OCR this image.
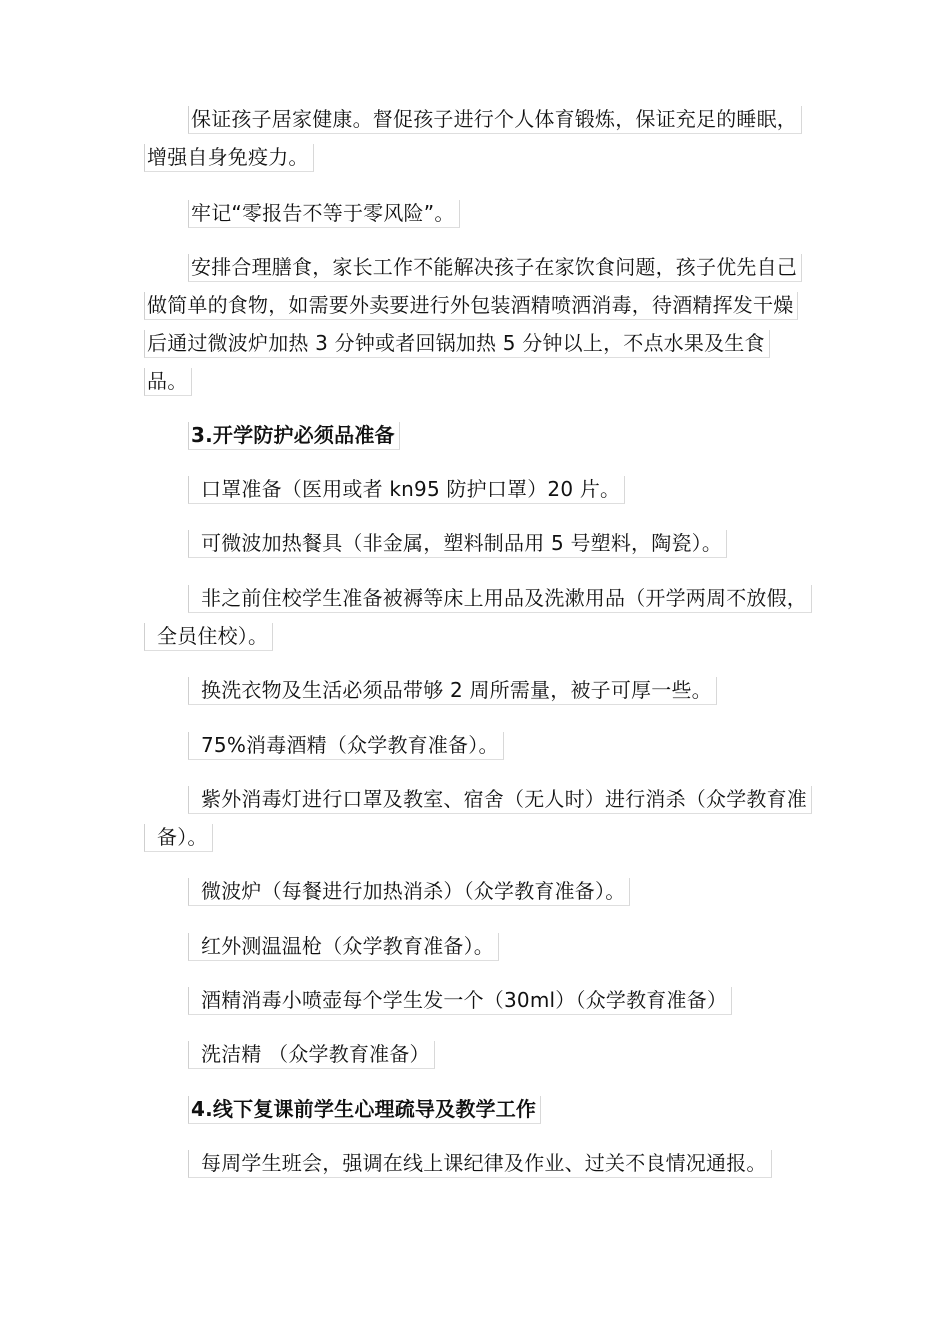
保证孩子居家健康。督促孩子进行个人体育锻炼，保证充足的睡眠，增强自身免疫力。

牢记“零报告不等于零风险”。

安排合理膳食，家长工作不能解决孩子在家饮食问题，孩子优先自己做简单的食物，如需要外卖要进行外包装酒精喷洒消毒，待酒精挥发干燥后通过微波炉加热 3 分钟或者回锅加热 5 分钟以上，不点水果及生食品。

3.开学防护必须品准备

口罩准备（医用或者 kn95 防护口罩）20 片。

可微波加热餐具（非金属，塑料制品用 5 号塑料，陶瓷）。

非之前住校学生准备被褥等床上用品及洗漱用品（开学两周不放假，全员住校）。

换洗衣物及生活必须品带够 2 周所需量，被子可厚一些。

75%消毒酒精（众学教育准备）。

紫外消毒灯进行口罩及教室、宿舍（无人时）进行消杀（众学教育准备）。

微波炉（每餐进行加热消杀）（众学教育准备）。

红外测温温枪（众学教育准备）。

酒精消毒小喷壶每个学生发一个（30ml）（众学教育准备）

洗洁精 （众学教育准备）

4.线下复课前学生心理疏导及教学工作

每周学生班会，强调在线上课纪律及作业、过关不良情况通报。
